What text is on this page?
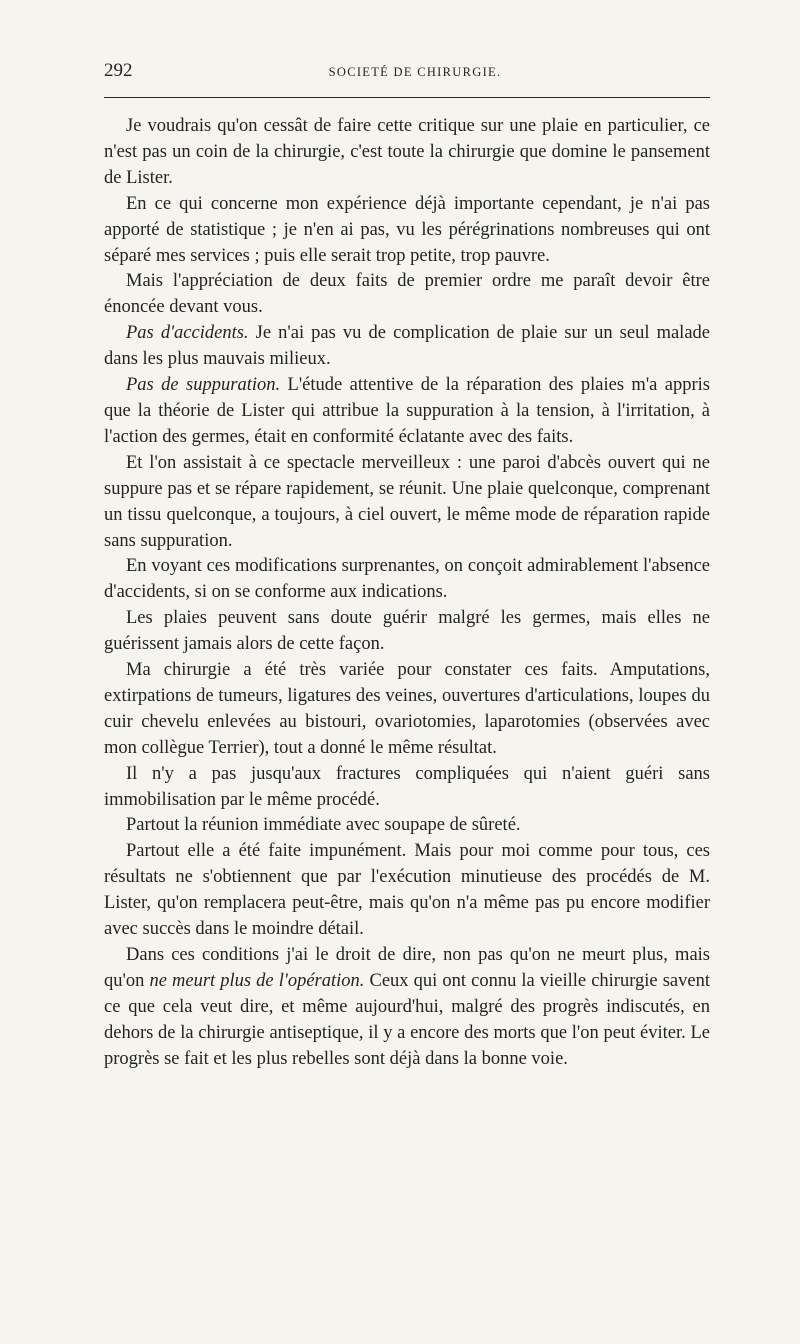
292	SOCIETÉ DE CHIRURGIE.

Je voudrais qu'on cessât de faire cette critique sur une plaie en particulier, ce n'est pas un coin de la chirurgie, c'est toute la chirurgie que domine le pansement de Lister.

En ce qui concerne mon expérience déjà importante cependant, je n'ai pas apporté de statistique ; je n'en ai pas, vu les pérégrinations nombreuses qui ont séparé mes services ; puis elle serait trop petite, trop pauvre.

Mais l'appréciation de deux faits de premier ordre me paraît devoir être énoncée devant vous.

Pas d'accidents. Je n'ai pas vu de complication de plaie sur un seul malade dans les plus mauvais milieux.

Pas de suppuration. L'étude attentive de la réparation des plaies m'a appris que la théorie de Lister qui attribue la suppuration à la tension, à l'irritation, à l'action des germes, était en conformité éclatante avec des faits.

Et l'on assistait à ce spectacle merveilleux : une paroi d'abcès ouvert qui ne suppure pas et se répare rapidement, se réunit. Une plaie quelconque, comprenant un tissu quelconque, a toujours, à ciel ouvert, le même mode de réparation rapide sans suppuration.

En voyant ces modifications surprenantes, on conçoit admirablement l'absence d'accidents, si on se conforme aux indications.

Les plaies peuvent sans doute guérir malgré les germes, mais elles ne guérissent jamais alors de cette façon.

Ma chirurgie a été très variée pour constater ces faits. Amputations, extirpations de tumeurs, ligatures des veines, ouvertures d'articulations, loupes du cuir chevelu enlevées au bistouri, ovariotomies, laparotomies (observées avec mon collègue Terrier), tout a donné le même résultat.

Il n'y a pas jusqu'aux fractures compliquées qui n'aient guéri sans immobilisation par le même procédé.

Partout la réunion immédiate avec soupape de sûreté.

Partout elle a été faite impunément. Mais pour moi comme pour tous, ces résultats ne s'obtiennent que par l'exécution minutieuse des procédés de M. Lister, qu'on remplacera peut-être, mais qu'on n'a même pas pu encore modifier avec succès dans le moindre détail.

Dans ces conditions j'ai le droit de dire, non pas qu'on ne meurt plus, mais qu'on ne meurt plus de l'opération. Ceux qui ont connu la vieille chirurgie savent ce que cela veut dire, et même aujourd'hui, malgré des progrès indiscutés, en dehors de la chirurgie antiseptique, il y a encore des morts que l'on peut éviter. Le progrès se fait et les plus rebelles sont déjà dans la bonne voie.
